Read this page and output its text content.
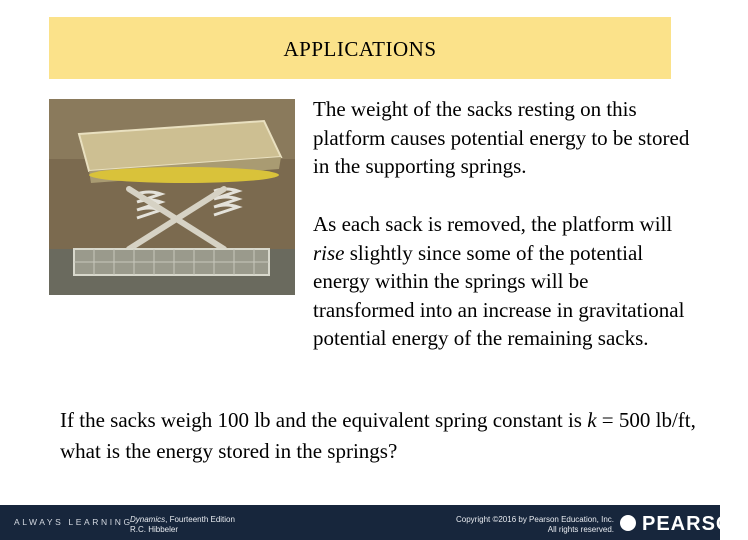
APPLICATIONS
The weight of the sacks resting on this platform causes potential energy to be stored in the supporting springs.
As each sack is removed, the platform will rise slightly since some of the potential energy within the springs will be transformed into an increase in gravitational potential energy of the remaining sacks.
If the sacks weigh 100 lb and the equivalent spring constant is k = 500 lb/ft, what is the energy stored in the springs?
ALWAYS LEARNING
Dynamics, Fourteenth Edition
R.C. Hibbeler
Copyright ©2016 by Pearson Education, Inc.
All rights reserved. PEARSON
